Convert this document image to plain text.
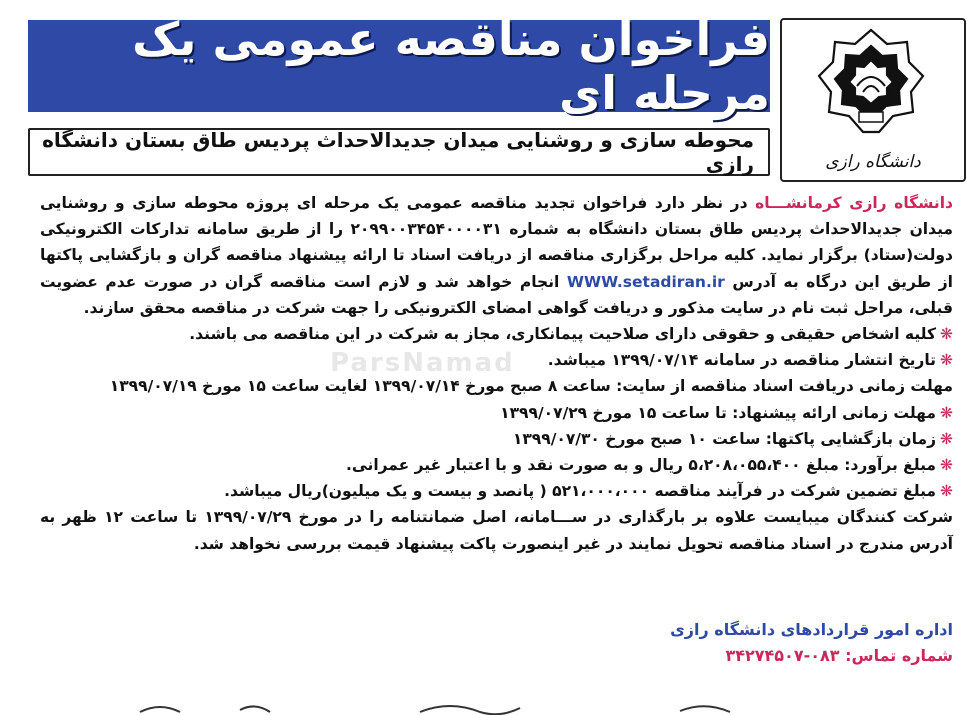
دانشگاه رازی
فراخوان مناقصه عمومی یک مرحله ای
محوطه سازی و روشنایی میدان جدیدالاحداث پردیس طاق بستان دانشگاه رازی
ParsNamad

دانشگاه رازی کرمانشـــاه در نظر دارد فراخوان تجدید مناقصه عمومی یک مرحله ای پروژه محوطه سازی و روشنایی میدان جدیدالاحداث پردیس طاق بستان دانشگاه به شماره ۲۰۹۹۰۰۳۴۵۴۰۰۰۰۳۱ را از طریق سامانه تدارکات الکترونیکی دولت(ستاد) برگزار نماید. کلیه مراحل برگزاری مناقصه از دریافت اسناد تا ارائه پیشنهاد مناقصه گران و بازگشایی پاکتها از طریق این درگاه به آدرس WWW.setadiran.ir انجام خواهد شد و لازم است مناقصه گران در صورت عدم عضویت قبلی، مراحل ثبت نام در سایت مذکور و دریافت گواهی امضای الکترونیکی را جهت شرکت در مناقصه محقق سازند.

❋کلیه اشخاص حقیقی و حقوقی دارای صلاحیت پیمانکاری، مجاز به شرکت در این مناقصه می باشند.

❋تاریخ انتشار مناقصه در سامانه ۱۳۹۹/۰۷/۱۴ میباشد.

مهلت زمانی دریافت اسناد مناقصه از سایت: ساعت ۸ صبح مورخ ۱۳۹۹/۰۷/۱۴ لغایت ساعت ۱۵ مورخ ۱۳۹۹/۰۷/۱۹

❋مهلت زمانی ارائه پیشنهاد: تا ساعت ۱۵ مورخ ۱۳۹۹/۰۷/۲۹

❋زمان بازگشایی پاکتها: ساعت ۱۰ صبح مورخ ۱۳۹۹/۰۷/۳۰

❋مبلغ برآورد: مبلغ ۵،۲۰۸،۰۵۵،۴۰۰ ریال و به صورت نقد و با اعتبار غیر عمرانی.

❋مبلغ تضمین شرکت در فرآیند مناقصه ۵۲۱،۰۰۰،۰۰۰ ( پانصد و بیست و یک میلیون)ریال میباشد.

شرکت کنندگان میبایست علاوه بر بارگذاری در ســـامانه، اصل ضمانتنامه را در مورخ ۱۳۹۹/۰۷/۲۹ تا ساعت ۱۲ ظهر به آدرس مندرج در اسناد مناقصه تحویل نمایند در غیر اینصورت پاکت پیشنهاد قیمت بررسی نخواهد شد.

اداره امور قراردادهای دانشگاه رازی

شماره تماس: ۰۸۳-۳۴۲۷۴۵۰۷
